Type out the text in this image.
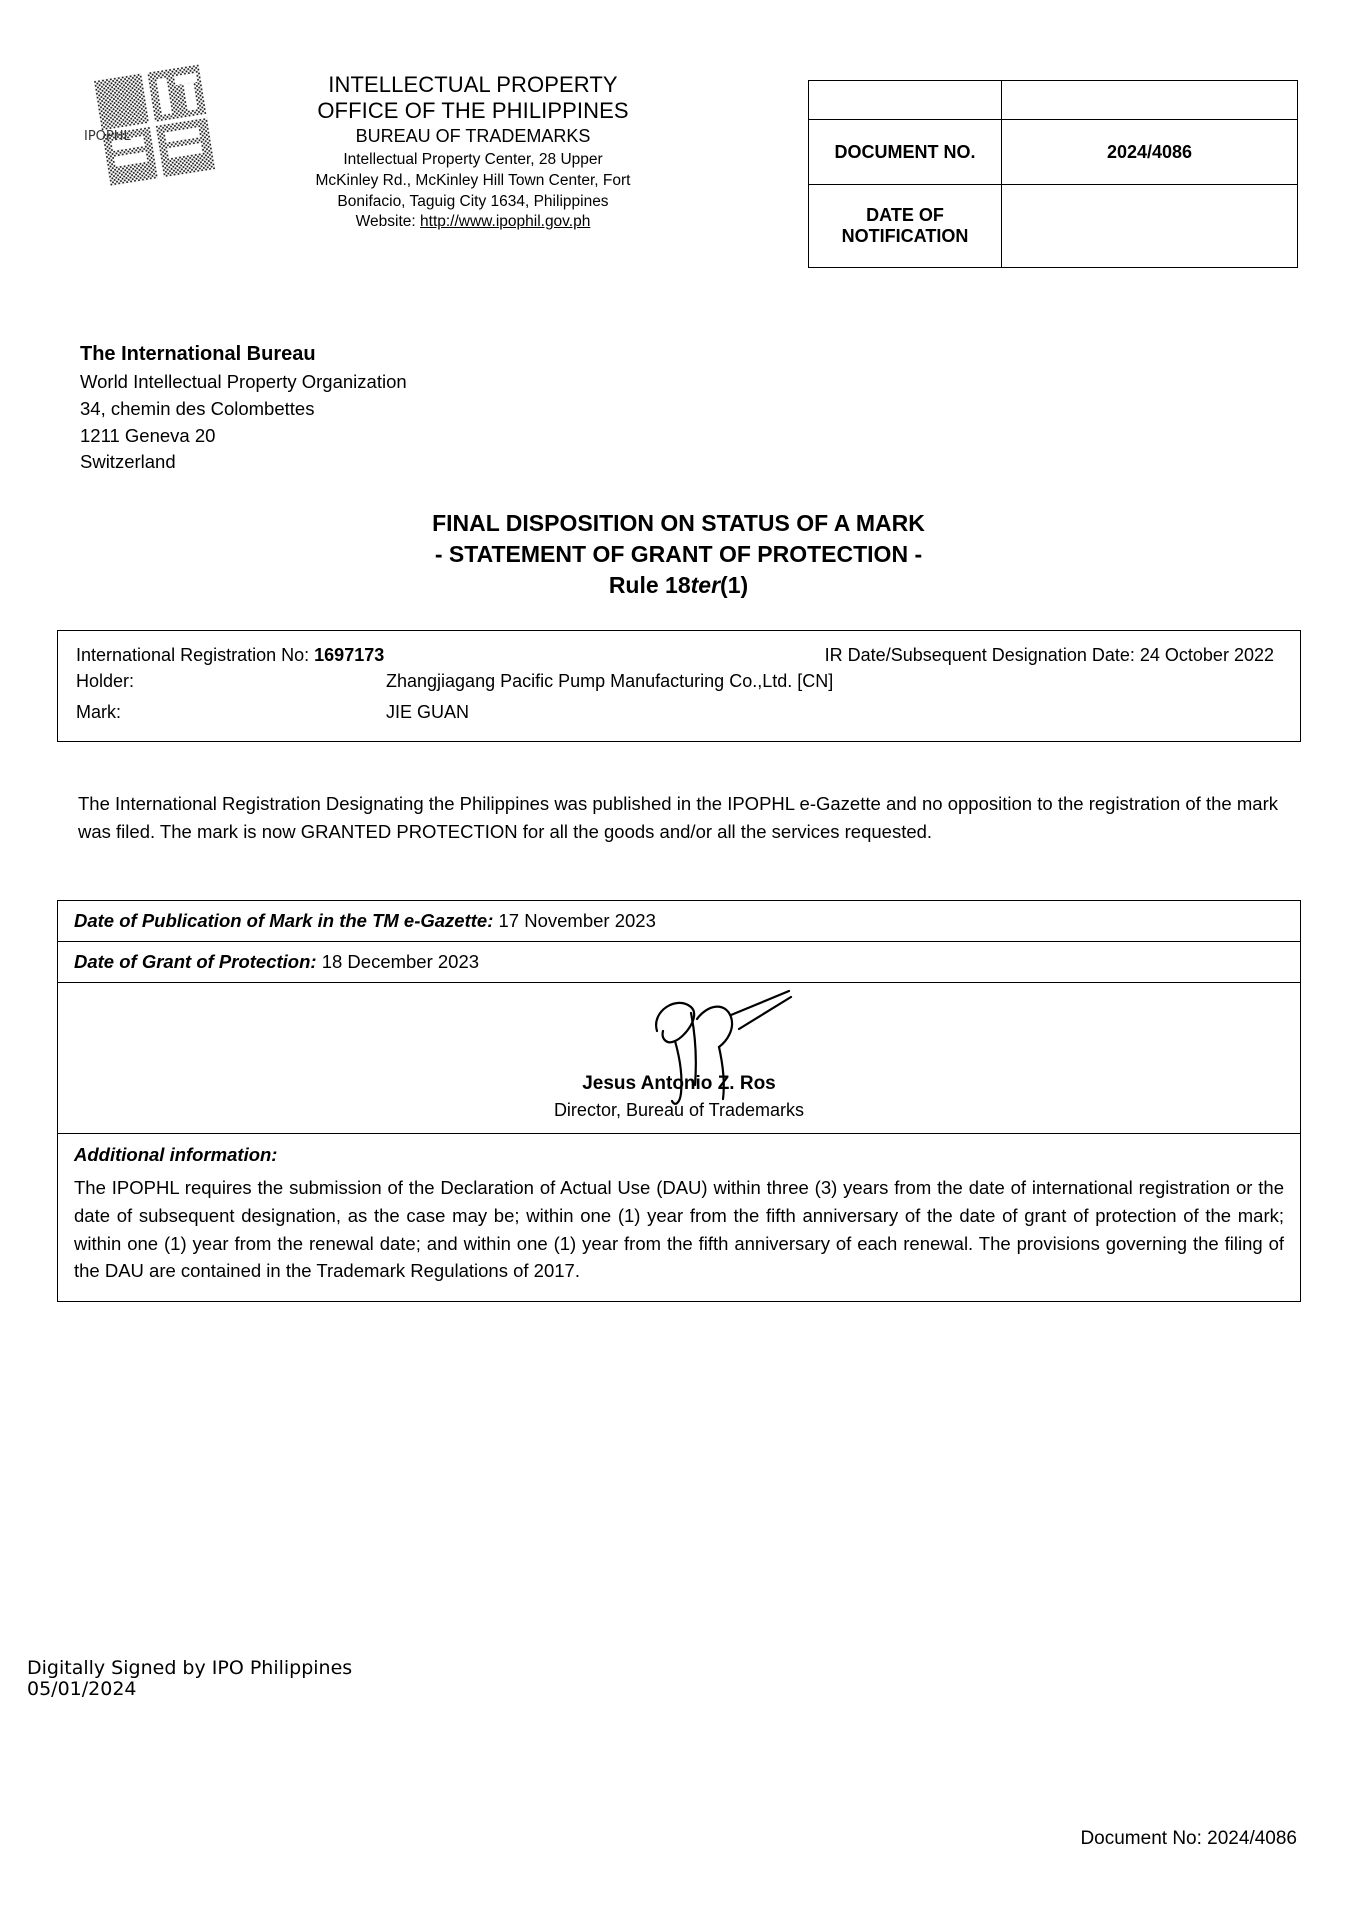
IPOPHL
INTELLECTUAL PROPERTY
OFFICE OF THE PHILIPPINES
BUREAU OF TRADEMARKS
Intellectual Property Center, 28 Upper
McKinley Rd., McKinley Hill Town Center, Fort
Bonifacio, Taguig City 1634, Philippines
Website: http://www.ipophil.gov.ph

DOCUMENT NO.	2024/4086
DATE OF NOTIFICATION	
The International Bureau
World Intellectual Property Organization
34, chemin des Colombettes
1211 Geneva 20
Switzerland
FINAL DISPOSITION ON STATUS OF A MARK
- STATEMENT OF GRANT OF PROTECTION -
Rule 18ter(1)
International Registration No: 1697173	IR Date/Subsequent Designation Date: 24 October 2022
Holder:	Zhangjiagang Pacific Pump Manufacturing Co.,Ltd. [CN]
Mark:	JIE GUAN
The International Registration Designating the Philippines was published in the IPOPHL e-Gazette and no opposition to the registration of the mark was filed. The mark is now GRANTED PROTECTION for all the goods and/or all the services requested.
Date of Publication of Mark in the TM e-Gazette: 17 November 2023
Date of Grant of Protection: 18 December 2023
Jesus Antonio Z. Ros
Director, Bureau of Trademarks
Additional information:
The IPOPHL requires the submission of the Declaration of Actual Use (DAU) within three (3) years from the date of international registration or the date of subsequent designation, as the case may be; within one (1) year from the fifth anniversary of the date of grant of protection of the mark; within one (1) year from the renewal date; and within one (1) year from the fifth anniversary of each renewal. The provisions governing the filing of the DAU are contained in the Trademark Regulations of 2017.
Digitally Signed by IPO Philippines
05/01/2024
Document No: 2024/4086
